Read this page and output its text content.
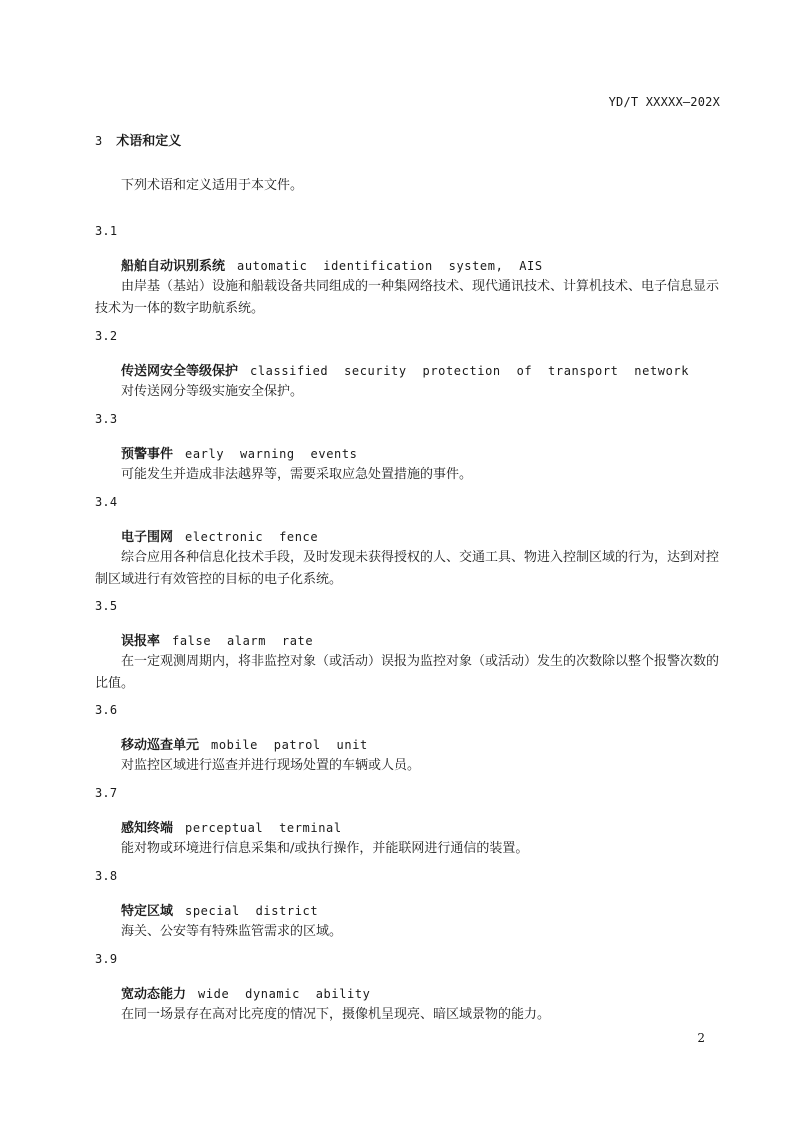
YD/T XXXXX—202X
3 术语和定义
下列术语和定义适用于本文件。
3.1
船舶自动识别系统 automatic identification system, AIS
由岸基（基站）设施和船载设备共同组成的一种集网络技术、现代通讯技术、计算机技术、电子信息显示技术为一体的数字助航系统。
3.2
传送网安全等级保护 classified security protection of transport network
对传送网分等级实施安全保护。
3.3
预警事件 early warning events
可能发生并造成非法越界等，需要采取应急处置措施的事件。
3.4
电子围网 electronic fence
综合应用各种信息化技术手段，及时发现未获得授权的人、交通工具、物进入控制区域的行为，达到对控制区域进行有效管控的目标的电子化系统。
3.5
误报率 false alarm rate
在一定观测周期内，将非监控对象（或活动）误报为监控对象（或活动）发生的次数除以整个报警次数的比值。
3.6
移动巡查单元 mobile patrol unit
对监控区域进行巡查并进行现场处置的车辆或人员。
3.7
感知终端 perceptual terminal
能对物或环境进行信息采集和/或执行操作，并能联网进行通信的装置。
3.8
特定区域 special district
海关、公安等有特殊监管需求的区域。
3.9
宽动态能力 wide dynamic ability
在同一场景存在高对比亮度的情况下，摄像机呈现亮、暗区域景物的能力。
2
